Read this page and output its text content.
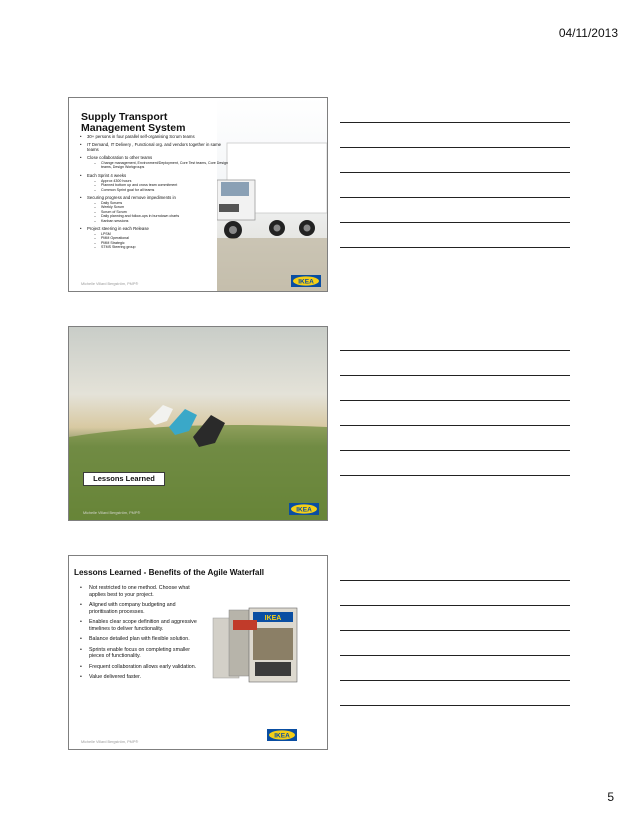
04/11/2013
Supply Transport Management System
• 30+ persons in four parallel self-organising Scrum teams
• IT Demand, IT Delivery , Functional org. and vendors together in same teams
• Close collaboration to other teams
– Change management, Environment/Deployment, Core Test teams, Core Design teams, Design Workgroups
• Each Sprint 4 weeks
– Approx 4300 hours
– Planned bottom up and cross team commitment
– Common Sprint goal for all teams
• Securing progress and remove impediments in
– Daily Scrums
– Weekly Scrum
– Scrum of Scrum
– Daily planning and follow-ups in burndown charts
– Kanban sessions
• Project steering in each Release
– LPSM
– PMM Operational
– PMM Strategic
– STMS Steering group
Michelle Villard Bergström, PMP®	IKEA
Lessons Learned
Michelle Villard Bergström, PMP®	IKEA
Lessons Learned - Benefits of the Agile Waterfall
• Not restricted to one method. Choose what applies best to your project.
• Aligned with company budgeting and prioritisation processes.
• Enables clear scope definition and aggressive timelines to deliver functionality.
• Balance detailed plan with flexible solution.
• Sprints enable focus on completing smaller pieces of functionality.
• Frequent collaboration allows early validation.
• Value delivered faster.
IKEA
Michelle Villard Bergström, PMP®
IKEA
5
